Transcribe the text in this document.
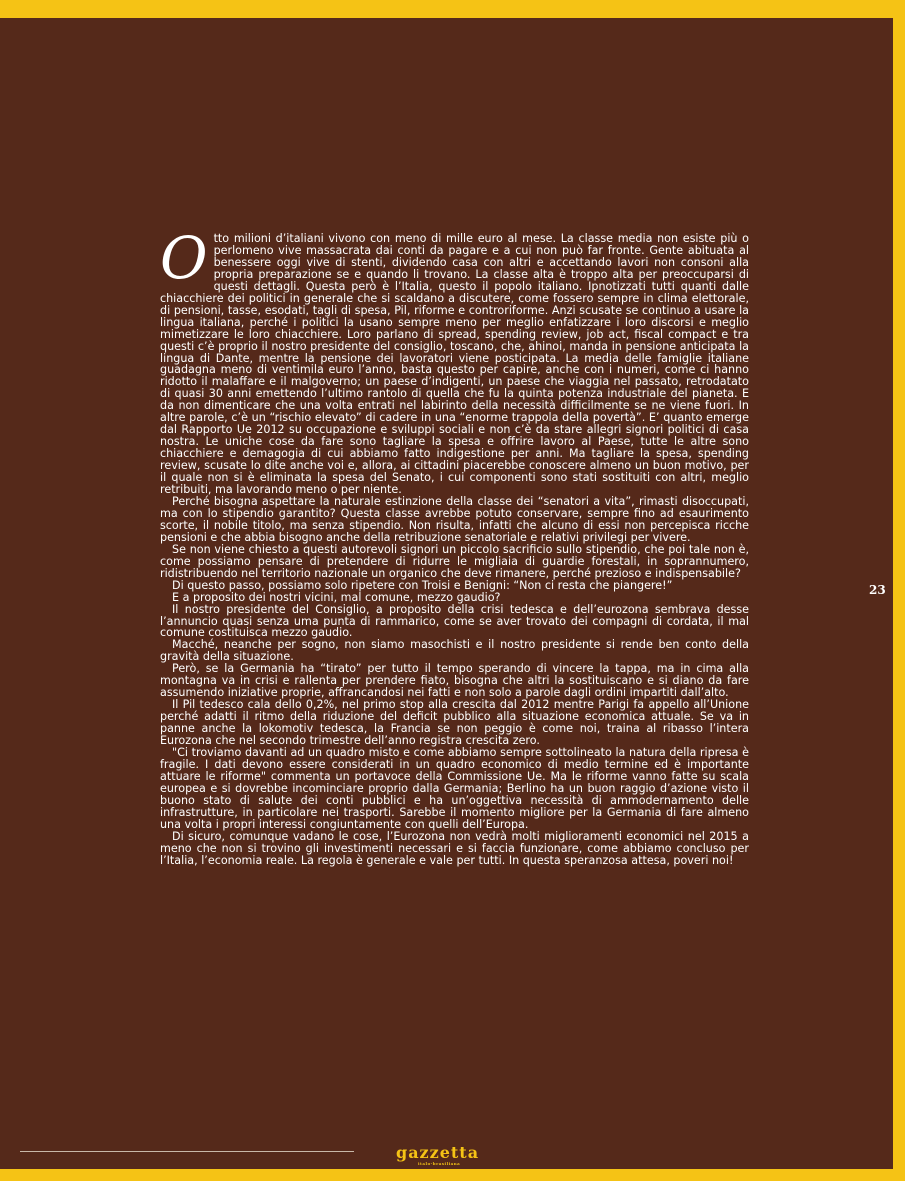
Otto milioni d’italiani vivono con meno di mille euro al mese. La classe media non esiste più o perlomeno vive massacrata dai conti da pagare e a cui non può far fronte. Gente abituata al benessere oggi vive di stenti, dividendo casa con altri e accettando lavori non consoni alla propria preparazione se e quando li trovano. La classe alta è troppo alta per preoccuparsi di questi dettagli. Questa però è l’Italia, questo il popolo italiano. Ipnotizzati tutti quanti dalle chiacchiere dei politici in generale che si scaldano a discutere, come fossero sempre in clima elettorale, di pensioni, tasse, esodati, tagli di spesa, Pil, riforme e controriforme. Anzi scusate se continuo a usare la lingua italiana, perché i politici la usano sempre meno per meglio enfatizzare i loro discorsi e meglio mimetizzare le loro chiacchiere. Loro parlano di spread, spending review, job act, fiscal compact e tra questi c’è proprio il nostro presidente del consiglio, toscano, che, ahinoi, manda in pensione anticipata la lingua di Dante, mentre la pensione dei lavoratori viene posticipata. La media delle famiglie italiane guadagna meno di ventimila euro l’anno, basta questo per capire, anche con i numeri, come ci hanno ridotto il malaffare e il malgoverno; un paese d’indigenti, un paese che viaggia nel passato, retrodatato di quasi 30 anni emettendo l’ultimo rantolo di quella che fu la quinta potenza industriale del pianeta. E da non dimenticare che una volta entrati nel labirinto della necessità difficilmente se ne viene fuori. In altre parole, c’è un “rischio elevato” di cadere in una “enorme trappola della povertà”. E’ quanto emerge dal Rapporto Ue 2012 su occupazione e sviluppi sociali e non c’è da stare allegri signori politici di casa nostra. Le uniche cose da fare sono tagliare la spesa e offrire lavoro al Paese, tutte le altre sono chiacchiere e demagogia di cui abbiamo fatto indigestione per anni. Ma tagliare la spesa, spending review, scusate lo dite anche voi e, allora, ai cittadini piacerebbe conoscere almeno un buon motivo, per il quale non si è eliminata la spesa del Senato, i cui componenti sono stati sostituiti con altri, meglio retribuiti, ma lavorando meno o per niente.

Perché bisogna aspettare la naturale estinzione della classe dei “senatori a vita”, rimasti disoccupati, ma con lo stipendio garantito? Questa classe avrebbe potuto conservare, sempre fino ad esaurimento scorte, il nobile titolo, ma senza stipendio. Non risulta, infatti che alcuno di essi non percepisca ricche pensioni e che abbia bisogno anche della retribuzione senatoriale e relativi privilegi per vivere.

Se non viene chiesto a questi autorevoli signori un piccolo sacrificio sullo stipendio, che poi tale non è, come possiamo pensare di pretendere di ridurre le migliaia di guardie forestali, in soprannumero, ridistribuendo nel territorio nazionale un organico che deve rimanere, perché prezioso e indispensabile?

Di questo passo, possiamo solo ripetere con Troisi e Benigni: “Non ci resta che piangere!”

E a proposito dei nostri vicini, mal comune, mezzo gaudio?

Il nostro presidente del Consiglio, a proposito della crisi tedesca e dell’eurozona sembrava desse l’annuncio quasi senza uma punta di rammarico, come se aver trovato dei compagni di cordata, il mal comune costituisca mezzo gaudio.

Macché, neanche per sogno, non siamo masochisti e il nostro presidente si rende ben conto della gravità della situazione.

Però, se la Germania ha “tirato” per tutto il tempo sperando di vincere la tappa, ma in cima alla montagna va in crisi e rallenta per prendere fiato, bisogna che altri la sostituiscano e si diano da fare assumendo iniziative proprie, affrancandosi nei fatti e non solo a parole dagli ordini impartiti dall’alto.

Il Pil tedesco cala dello 0,2%, nel primo stop alla crescita dal 2012 mentre Parigi fa appello all’Unione perché adatti il ritmo della riduzione del deficit pubblico alla situazione economica attuale. Se va in panne anche la lokomotiv tedesca, la Francia se non peggio è come noi, traina al ribasso l’intera Eurozona che nel secondo trimestre dell’anno registra crescita zero.

"Ci troviamo davanti ad un quadro misto e come abbiamo sempre sottolineato la natura della ripresa è fragile. I dati devono essere considerati in un quadro economico di medio termine ed è importante attuare le riforme" commenta un portavoce della Commissione Ue. Ma le riforme vanno fatte su scala europea e si dovrebbe incominciare proprio dalla Germania; Berlino ha un buon raggio d’azione visto il buono stato di salute dei conti pubblici e ha un’oggettiva necessità di ammodernamento delle infrastrutture, in particolare nei trasporti. Sarebbe il momento migliore per la Germania di fare almeno una volta i propri interessi congiuntamente con quelli dell’Europa.

Di sicuro, comunque vadano le cose, l’Eurozona non vedrà molti miglioramenti economici nel 2015 a meno che non si trovino gli investimenti necessari e si faccia funzionare, come abbiamo concluso per l’Italia, l’economia reale. La regola è generale e vale per tutti. In questa speranzosa attesa, poveri noi!

23
gazzetta
italo-brasiliana
